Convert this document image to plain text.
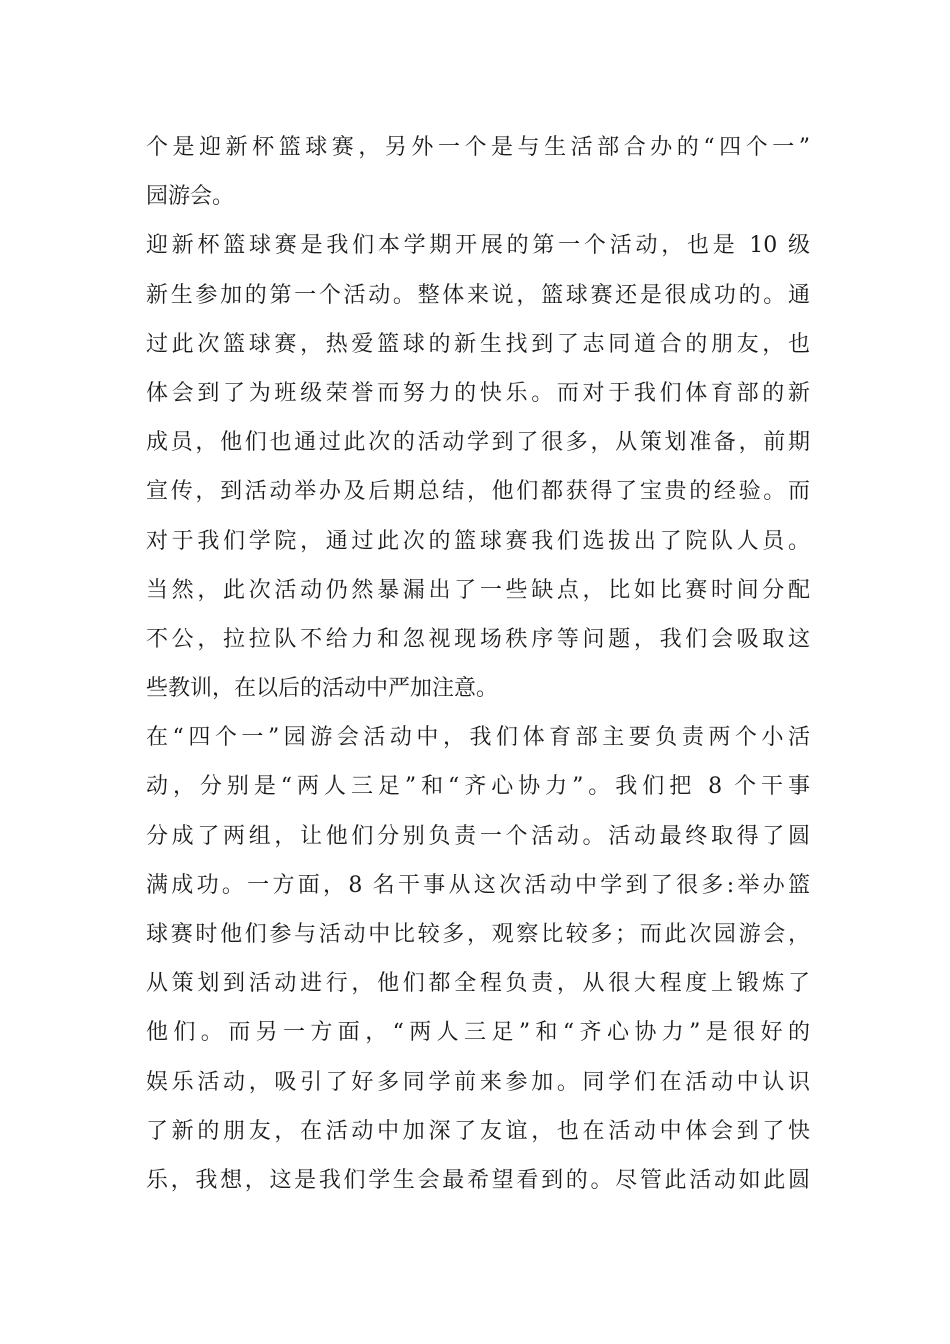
个是迎新杯篮球赛，另外一个是与生活部合办的“四个一”
园游会。
迎新杯篮球赛是我们本学期开展的第一个活动，也是 10 级
新生参加的第一个活动。整体来说，篮球赛还是很成功的。通
过此次篮球赛，热爱篮球的新生找到了志同道合的朋友，也
体会到了为班级荣誉而努力的快乐。而对于我们体育部的新
成员，他们也通过此次的活动学到了很多，从策划准备，前期
宣传，到活动举办及后期总结，他们都获得了宝贵的经验。而
对于我们学院，通过此次的篮球赛我们选拔出了院队人员。
当然，此次活动仍然暴漏出了一些缺点，比如比赛时间分配
不公，拉拉队不给力和忽视现场秩序等问题，我们会吸取这
些教训，在以后的活动中严加注意。
在“四个一”园游会活动中，我们体育部主要负责两个小活
动，分别是“两人三足”和“齐心协力”。我们把 8 个干事
分成了两组，让他们分别负责一个活动。活动最终取得了圆
满成功。一方面，8 名干事从这次活动中学到了很多:举办篮
球赛时他们参与活动中比较多，观察比较多；而此次园游会，
从策划到活动进行，他们都全程负责，从很大程度上锻炼了
他们。而另一方面，“两人三足”和“齐心协力”是很好的
娱乐活动，吸引了好多同学前来参加。同学们在活动中认识
了新的朋友，在活动中加深了友谊，也在活动中体会到了快
乐，我想，这是我们学生会最希望看到的。尽管此活动如此圆
